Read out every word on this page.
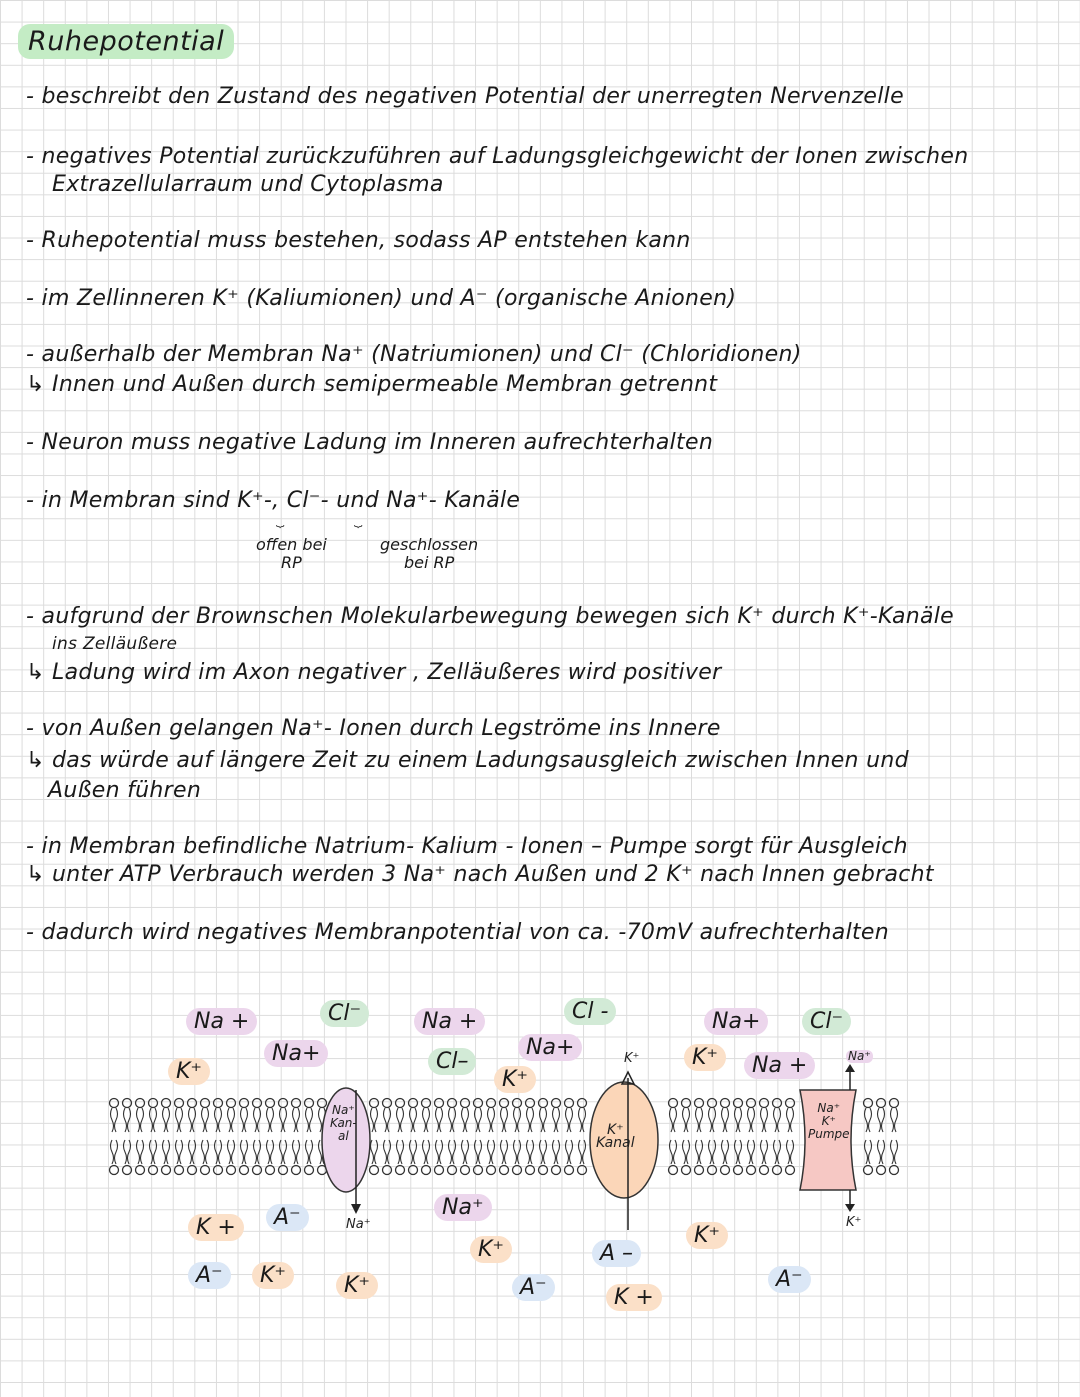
Ruhepotential
- beschreibt den Zustand des negativen Potential der unerregten Nervenzelle
- negatives Potential zurückzuführen auf Ladungsgleichgewicht der Ionen zwischen
Extrazellularraum und Cytoplasma
- Ruhepotential muss bestehen, sodass AP entstehen kann
- im Zellinneren K⁺ (Kaliumionen) und A⁻ (organische Anionen)
- außerhalb der Membran Na⁺ (Natriumionen) und Cl⁻ (Chloridionen)
↳ Innen und Außen durch semipermeable Membran getrennt
- Neuron muss negative Ladung im Inneren aufrechterhalten
- in Membran sind K⁺-, Cl⁻- und Na⁺- Kanäle
⏟	⏟
offen bei
RP
geschlossen
bei RP
- aufgrund der Brownschen Molekularbewegung bewegen sich K⁺ durch K⁺-Kanäle
ins Zelläußere
↳ Ladung wird im Axon negativer , Zelläußeres wird positiver
- von Außen gelangen Na⁺- Ionen durch Legströme ins Innere
↳ das würde auf längere Zeit zu einem Ladungsausgleich zwischen Innen und
Außen führen
- in Membran befindliche Natrium- Kalium - Ionen – Pumpe sorgt für Ausgleich
↳ unter ATP Verbrauch werden 3 Na⁺ nach Außen und 2 K⁺ nach Innen gebracht
- dadurch wird negatives Membranpotential von ca. -70mV aufrechterhalten
Na⁺
Kan-
al	K⁺
Kanal
Na⁺
K⁺
Pumpe
Na⁺
K⁺	Na⁺
K⁺
Na +	Cl⁻	Na +	Cl -	Na+	Cl⁻
K⁺
Na+	Cl–
Na+
K⁺
K⁺	Na +
K +	A⁻
A⁻	K⁺	K⁺
Na⁺
K⁺
A⁻
A –
K +
K⁺
A⁻
